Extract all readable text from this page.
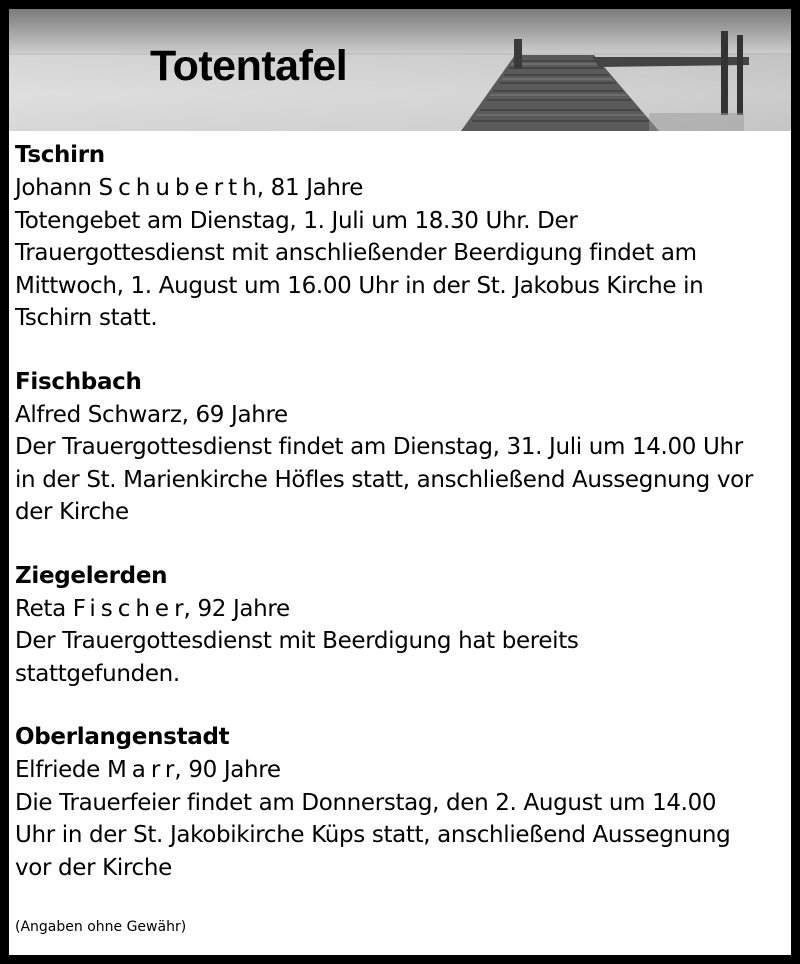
Totentafel
Tschirn
Johann Schuberth, 81 Jahre
Totengebet am Dienstag, 1. Juli um 18.30 Uhr. Der
Trauergottesdienst mit anschließender Beerdigung findet am
Mittwoch, 1. August um 16.00 Uhr in der St. Jakobus Kirche in
Tschirn statt.
Fischbach
Alfred Schwarz, 69 Jahre
Der Trauergottesdienst findet am Dienstag, 31. Juli um 14.00 Uhr
in der St. Marienkirche Höfles statt, anschließend Aussegnung vor
der Kirche
Ziegelerden
Reta Fischer, 92 Jahre
Der Trauergottesdienst mit Beerdigung hat bereits
stattgefunden.
Oberlangenstadt
Elfriede Marr, 90 Jahre
Die Trauerfeier findet am Donnerstag, den 2. August um 14.00
Uhr in der St. Jakobikirche Küps statt, anschließend Aussegnung
vor der Kirche
(Angaben ohne Gewähr)
